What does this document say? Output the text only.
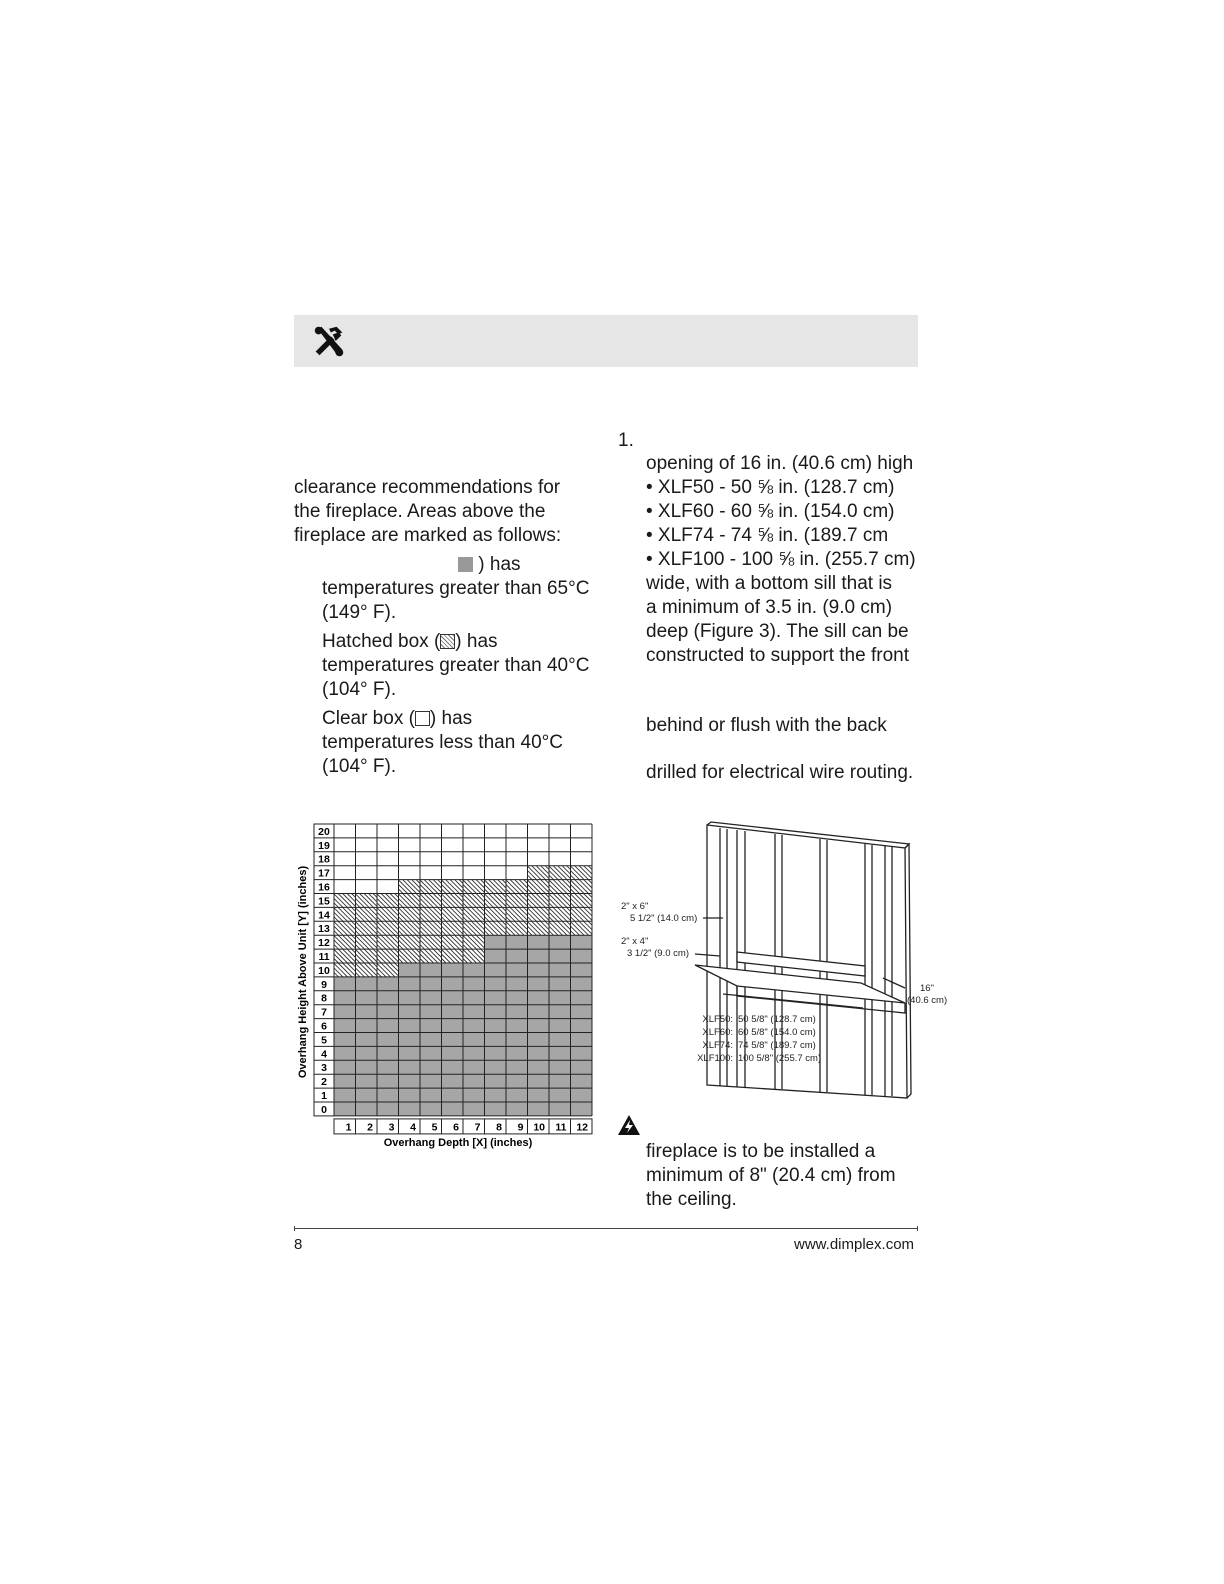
clearance recommendations for
the fireplace. Areas above the
fireplace are marked as follows:
) has
temperatures greater than 65°C
(149° F).
Hatched box ( ) has
temperatures greater than 40°C
(104° F).
Clear box ( ) has
temperatures less than 40°C
(104° F).
1.
opening of 16 in. (40.6 cm) high
• XLF50 - 50 ⅝ in. (128.7 cm)
• XLF60 - 60 ⅝ in. (154.0 cm)
• XLF74 - 74 ⅝ in. (189.7 cm
• XLF100 - 100 ⅝ in. (255.7 cm)
wide, with a bottom sill that is
a minimum of 3.5 in. (9.0 cm)
deep (Figure 3). The sill can be
constructed to support the front
behind or flush with the back
drilled for electrical wire routing.
0
1
2
3
4
5
6
7
8
9
10
11
12
13
14
15
16
17
18
19
20
1 2 3 4 5 6 7 8 9 10 11 12
Overhang Depth [X] (inches)
Overhang Height Above Unit [Y] (inches)	2" x 6"
5 1/2" (14.0 cm)
2" x 4"
3 1/2" (9.0 cm)
16"
(40.6 cm)
XLF50: 50 5/8" (128.7 cm)
XLF60: 60 5/8" (154.0 cm)
XLF74: 74 5/8" (189.7 cm)
XLF100: 100 5/8" (255.7 cm)
fireplace is to be installed a
minimum of 8" (20.4 cm) from
the ceiling.
8	www.dimplex.com
